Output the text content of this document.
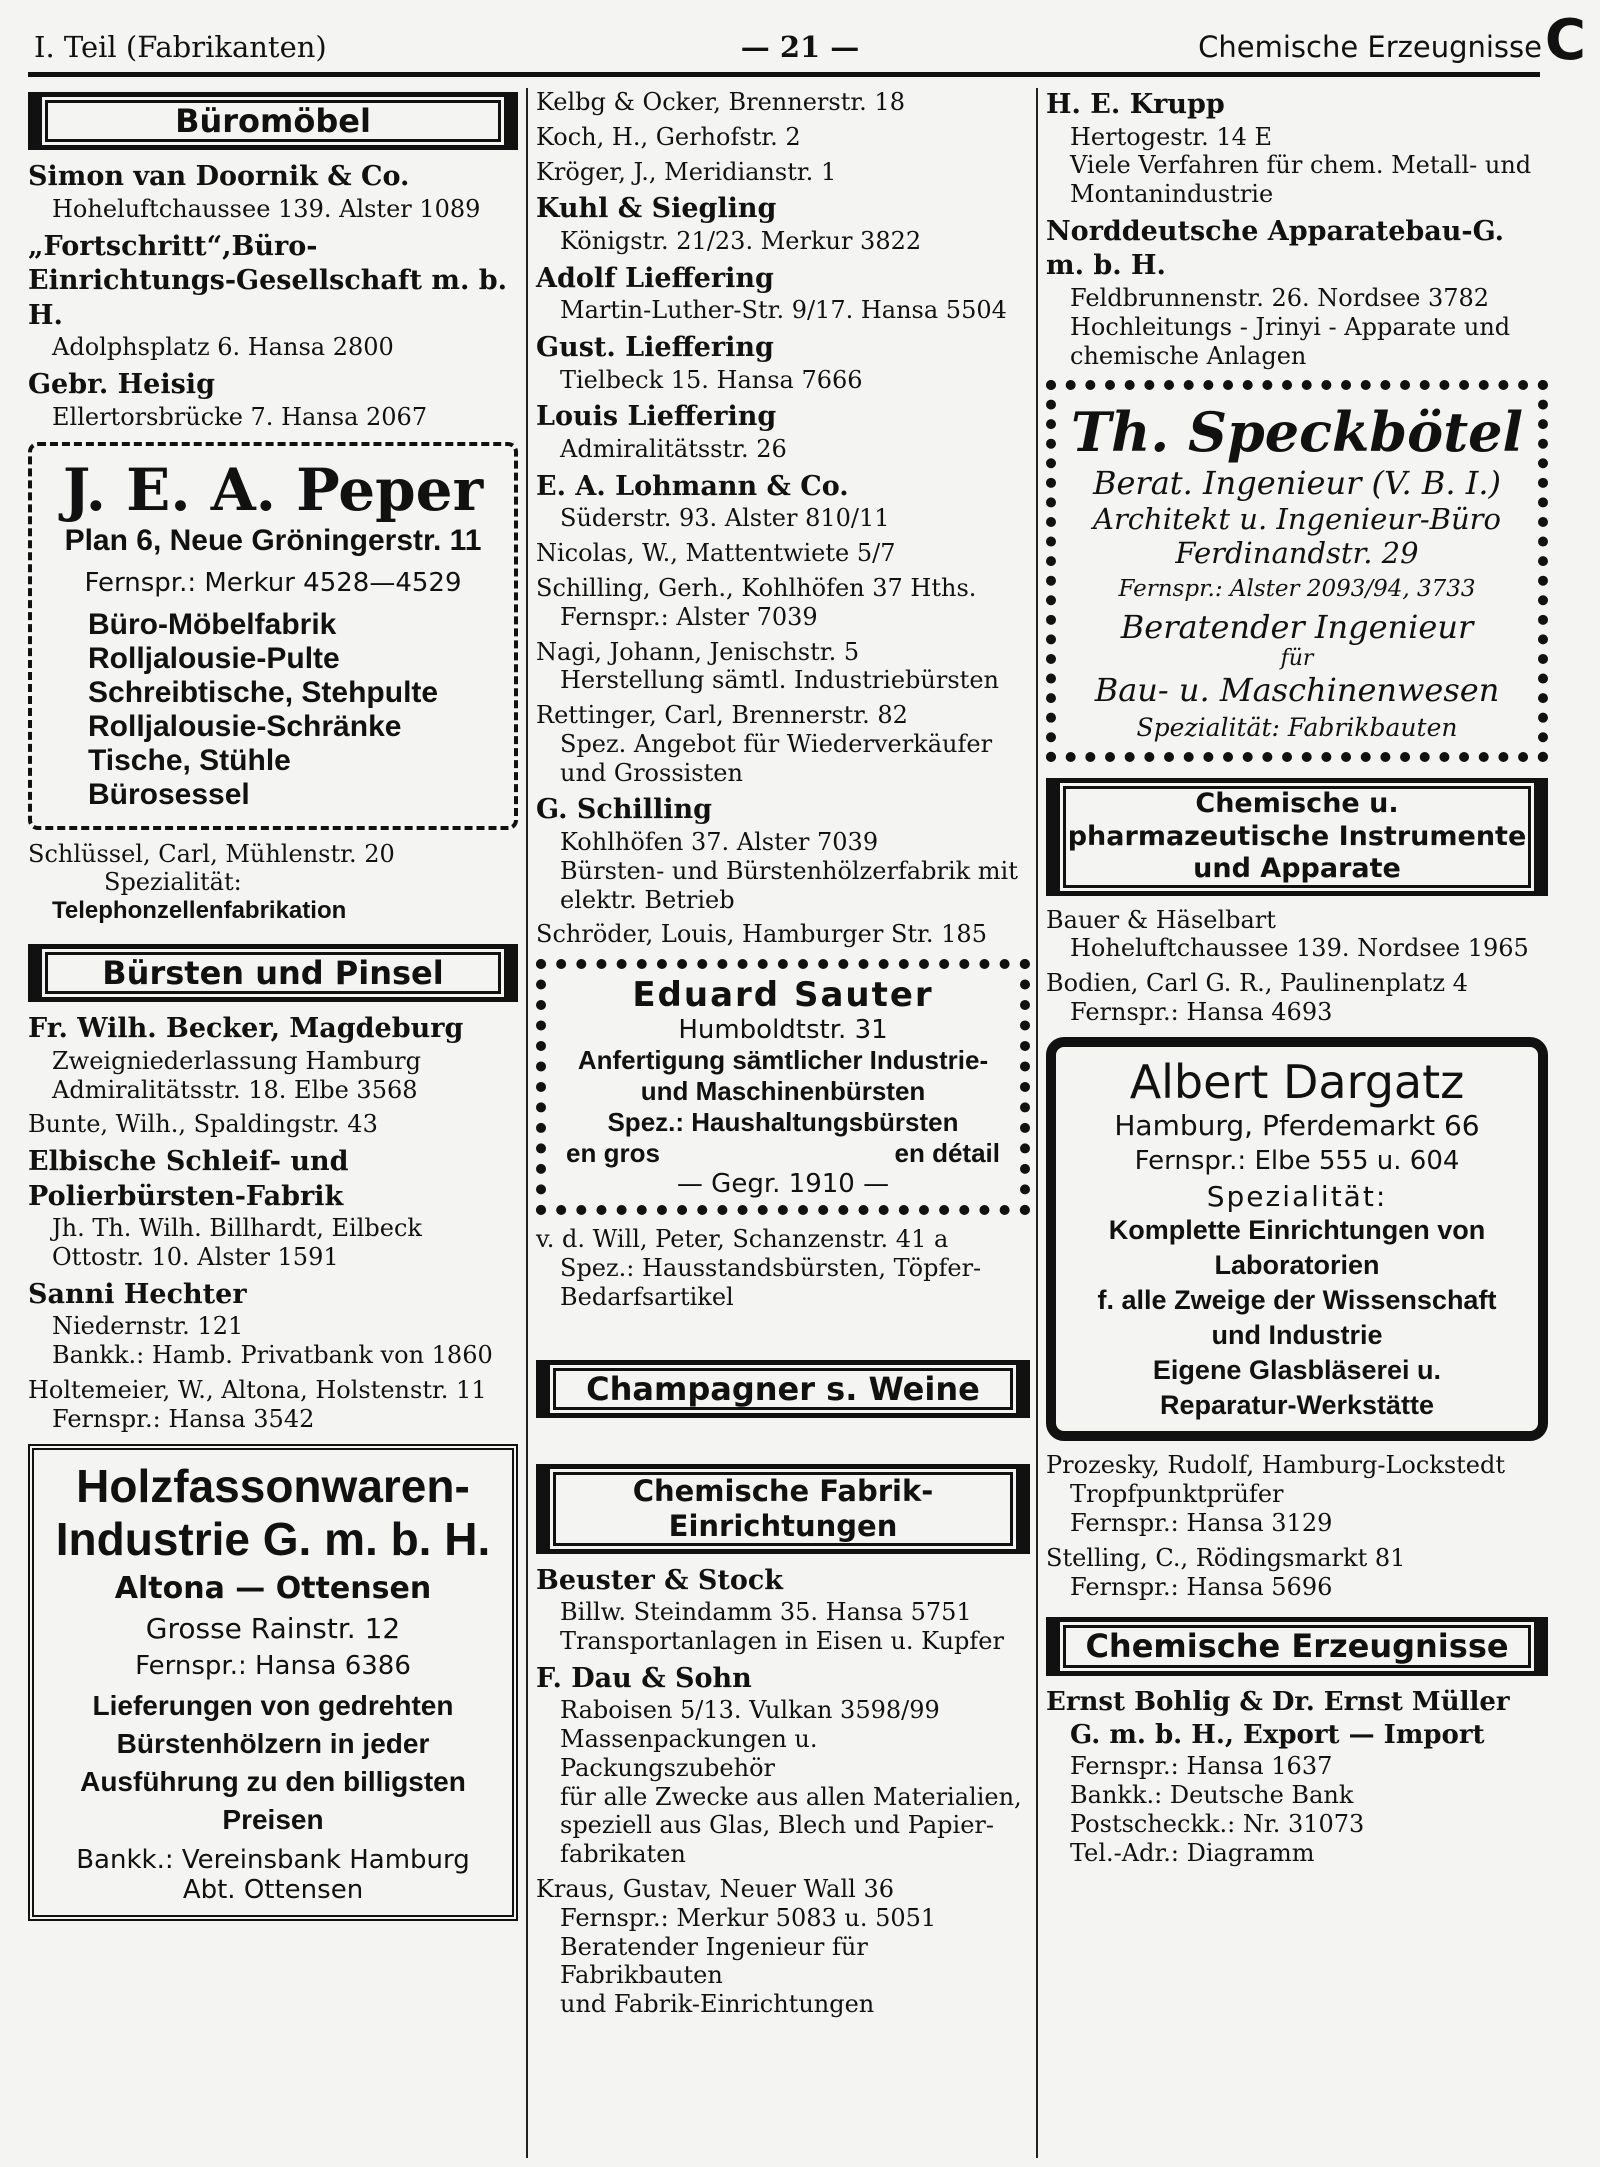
I. Teil (Fabrikanten)	— 21 —	Chemische Erzeugnisse C
Büromöbel
Simon van Doornik & Co.
Hoheluftchaussee 139. Alster 1089
„Fortschritt“,Büro-Einrichtungs-Gesellschaft m. b. H.
Adolphsplatz 6. Hansa 2800
Gebr. Heisig
Ellertorsbrücke 7. Hansa 2067
J. E. A. Peper
Plan 6, Neue Gröningerstr. 11
Fernspr.: Merkur 4528—4529
Büro-Möbelfabrik
Rolljalousie-Pulte
Schreibtische, Stehpulte
Rolljalousie-Schränke
Tische, Stühle
Bürosessel
Schlüssel, Carl, Mühlenstr. 20
Spezialität:
Telephonzellenfabrikation
Bürsten und Pinsel
Fr. Wilh. Becker, Magdeburg
Zweigniederlassung Hamburg
Admiralitätsstr. 18. Elbe 3568
Bunte, Wilh., Spaldingstr. 43
Elbische Schleif- und Polierbürsten-Fabrik
Jh. Th. Wilh. Billhardt, Eilbeck
Ottostr. 10. Alster 1591
Sanni Hechter
Niedernstr. 121
Bankk.: Hamb. Privatbank von 1860
Holtemeier, W., Altona, Holstenstr. 11
Fernspr.: Hansa 3542
Holzfassonwaren-
Industrie G. m. b. H.
Altona — Ottensen
Grosse Rainstr. 12
Fernspr.: Hansa 6386
Lieferungen von gedrehten Bürstenhölzern in jeder Ausführung zu den billigsten Preisen
Bankk.: Vereinsbank Hamburg
Abt. Ottensen
Kelbg & Ocker, Brennerstr. 18
Koch, H., Gerhofstr. 2
Kröger, J., Meridianstr. 1
Kuhl & Siegling
Königstr. 21/23. Merkur 3822
Adolf Lieffering
Martin-Luther-Str. 9/17. Hansa 5504
Gust. Lieffering
Tielbeck 15. Hansa 7666
Louis Lieffering
Admiralitätsstr. 26
E. A. Lohmann & Co.
Süderstr. 93. Alster 810/11
Nicolas, W., Mattentwiete 5/7
Schilling, Gerh., Kohlhöfen 37 Hths.
Fernspr.: Alster 7039
Nagi, Johann, Jenischstr. 5
Herstellung sämtl. Industriebürsten
Rettinger, Carl, Brennerstr. 82
Spez. Angebot für Wiederverkäufer
und Grossisten
G. Schilling
Kohlhöfen 37. Alster 7039
Bürsten- und Bürstenhölzerfabrik mit
elektr. Betrieb
Schröder, Louis, Hamburger Str. 185
Eduard Sauter
Humboldtstr. 31
Anfertigung sämtlicher Industrie-
und Maschinenbürsten
Spez.: Haushaltungsbürsten
en gros	en détail
— Gegr. 1910 —
v. d. Will, Peter, Schanzenstr. 41 a
Spez.: Hausstandsbürsten, Töpfer-
Bedarfsartikel
Champagner s. Weine
Chemische Fabrik-Einrichtungen
Beuster & Stock
Billw. Steindamm 35. Hansa 5751
Transportanlagen in Eisen u. Kupfer
F. Dau & Sohn
Raboisen 5/13. Vulkan 3598/99
Massenpackungen u. Packungszubehör
für alle Zwecke aus allen Materialien,
speziell aus Glas, Blech und Papier-
fabrikaten
Kraus, Gustav, Neuer Wall 36
Fernspr.: Merkur 5083 u. 5051
Beratender Ingenieur für Fabrikbauten
und Fabrik-Einrichtungen
H. E. Krupp
Hertogestr. 14 E
Viele Verfahren für chem. Metall- und
Montanindustrie
Norddeutsche Apparatebau-G. m. b. H.
Feldbrunnenstr. 26. Nordsee 3782
Hochleitungs - Jrinyi - Apparate und
chemische Anlagen
Th. Speckbötel
Berat. Ingenieur (V. B. I.)
Architekt u. Ingenieur-Büro
Ferdinandstr. 29
Fernspr.: Alster 2093/94, 3733
Beratender Ingenieur
für
Bau- u. Maschinenwesen
Spezialität: Fabrikbauten
Chemische u. pharmazeutische Instrumente und Apparate
Bauer & Häselbart
Hoheluftchaussee 139. Nordsee 1965
Bodien, Carl G. R., Paulinenplatz 4
Fernspr.: Hansa 4693
Albert Dargatz
Hamburg, Pferdemarkt 66
Fernspr.: Elbe 555 u. 604
Spezialität:
Komplette Einrichtungen von
Laboratorien
f. alle Zweige der Wissenschaft
und Industrie
Eigene Glasbläserei u.
Reparatur-Werkstätte
Prozesky, Rudolf, Hamburg-Lockstedt
Tropfpunktprüfer
Fernspr.: Hansa 3129
Stelling, C., Rödingsmarkt 81
Fernspr.: Hansa 5696
Chemische Erzeugnisse
Ernst Bohlig & Dr. Ernst Müller
G. m. b. H., Export — Import
Fernspr.: Hansa 1637
Bankk.: Deutsche Bank
Postscheckk.: Nr. 31073
Tel.-Adr.: Diagramm
